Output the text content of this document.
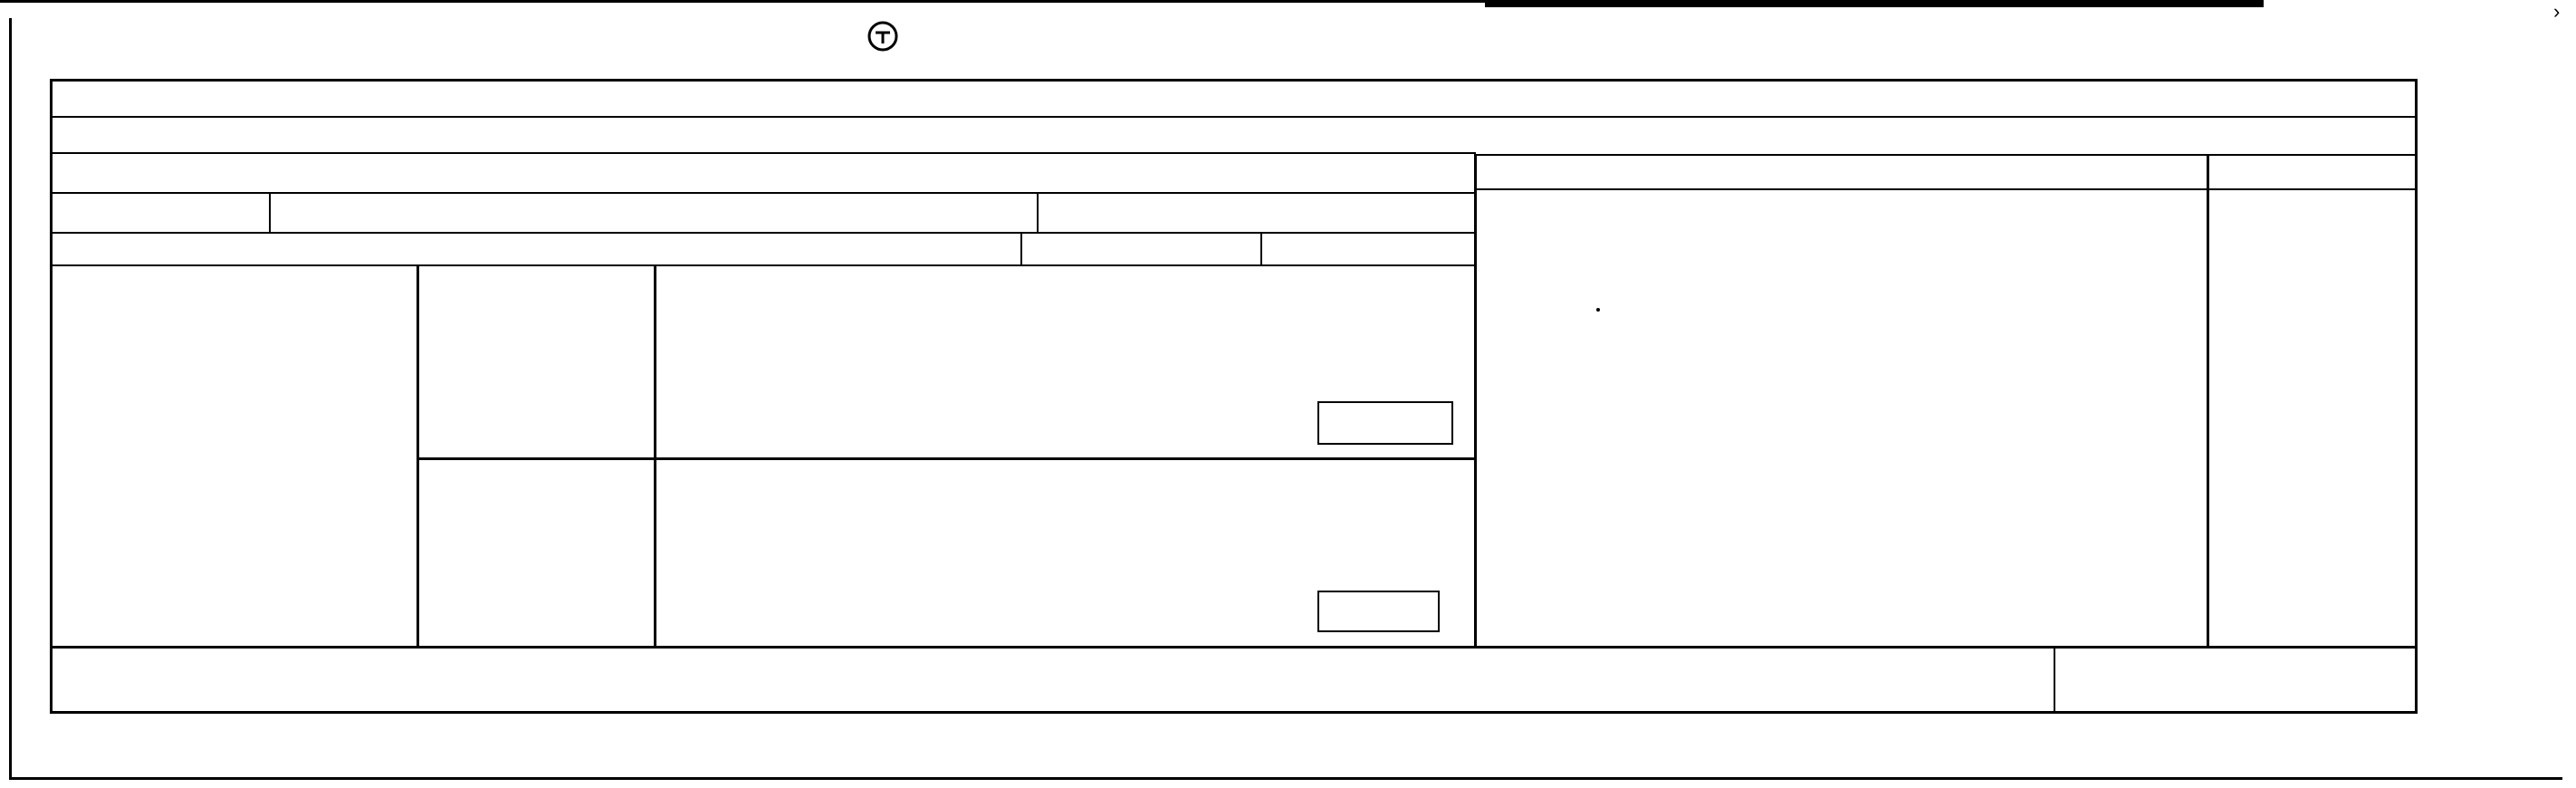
›
